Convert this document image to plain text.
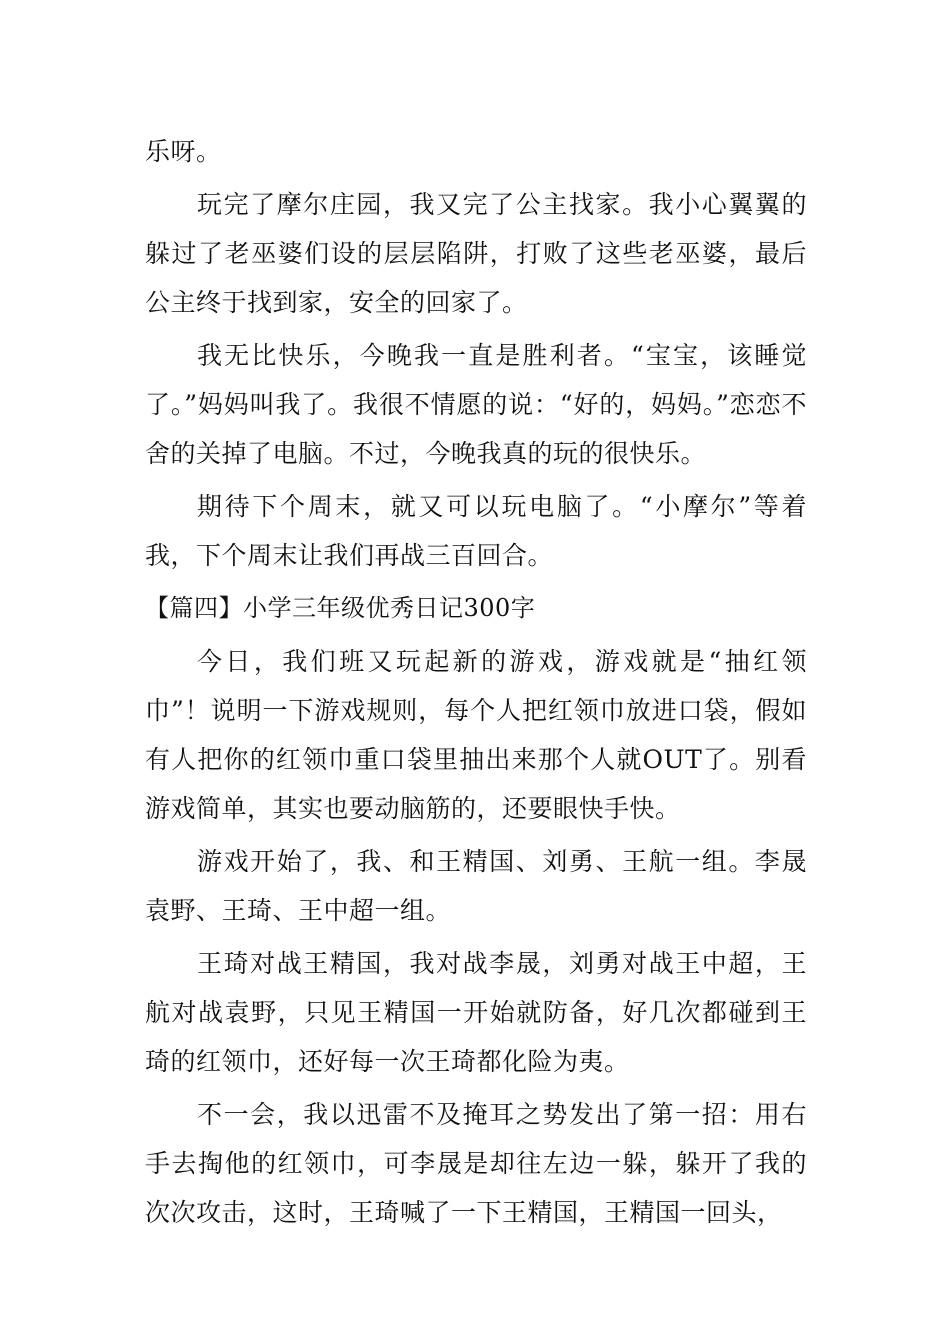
乐呀。

玩完了摩尔庄园，我又完了公主找家。我小心翼翼的躲过了老巫婆们设的层层陷阱，打败了这些老巫婆，最后公主终于找到家，安全的回家了。

我无比快乐，今晚我一直是胜利者。“宝宝，该睡觉了。”妈妈叫我了。我很不情愿的说：“好的，妈妈。”恋恋不舍的关掉了电脑。不过，今晚我真的玩的很快乐。

期待下个周末，就又可以玩电脑了。“小摩尔”等着我，下个周末让我们再战三百回合。

【篇四】小学三年级优秀日记300字

今日，我们班又玩起新的游戏，游戏就是“抽红领巾”！说明一下游戏规则，每个人把红领巾放进口袋，假如有人把你的红领巾重口袋里抽出来那个人就OUT了。别看游戏简单，其实也要动脑筋的，还要眼快手快。

游戏开始了，我、和王精国、刘勇、王航一组。李晟袁野、王琦、王中超一组。

王琦对战王精国，我对战李晟，刘勇对战王中超，王航对战袁野，只见王精国一开始就防备，好几次都碰到王琦的红领巾，还好每一次王琦都化险为夷。

不一会，我以迅雷不及掩耳之势发出了第一招：用右手去掏他的红领巾，可李晟是却往左边一躲，躲开了我的次次攻击，这时，王琦喊了一下王精国，王精国一回头，
